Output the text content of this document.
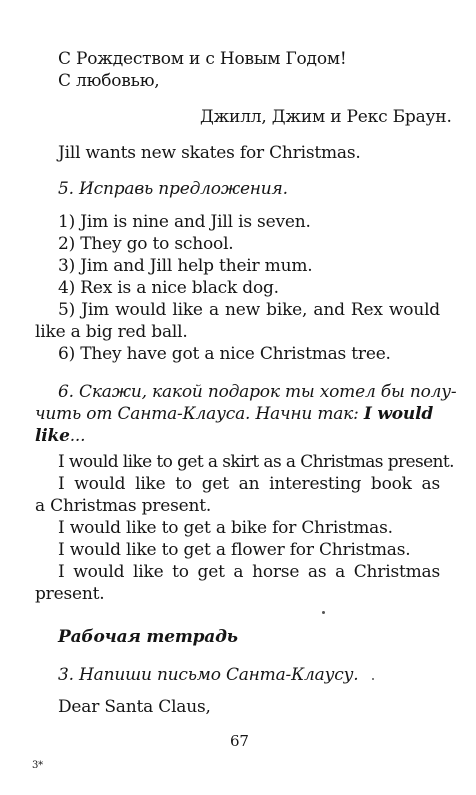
С Рождеством и с Новым Годом!
С любовью,
Джилл, Джим и Рекс Браун.
Jill wants new skates for Christmas.
5. Исправь предложения.
1) Jim is nine and Jill is seven.
2) They go to school.
3) Jim and Jill help their mum.
4) Rex is a nice black dog.
5) Jim would like a new bike, and Rex would
like a big red ball.
6) They have got a nice Christmas tree.
6. Скажи, какой подарок ты хотел бы полу-
чить от Санта-Клауса. Начни так: I would
like...
I would like to get a skirt as a Christmas present.
I would like to get an interesting book as
a Christmas present.
I would like to get a bike for Christmas.
I would like to get a flower for Christmas.
I would like to get a horse as a Christmas
present.
Рабочая тетрадь
3. Напиши письмо Санта-Клаусу.
Dear Santa Claus,
67
3*
